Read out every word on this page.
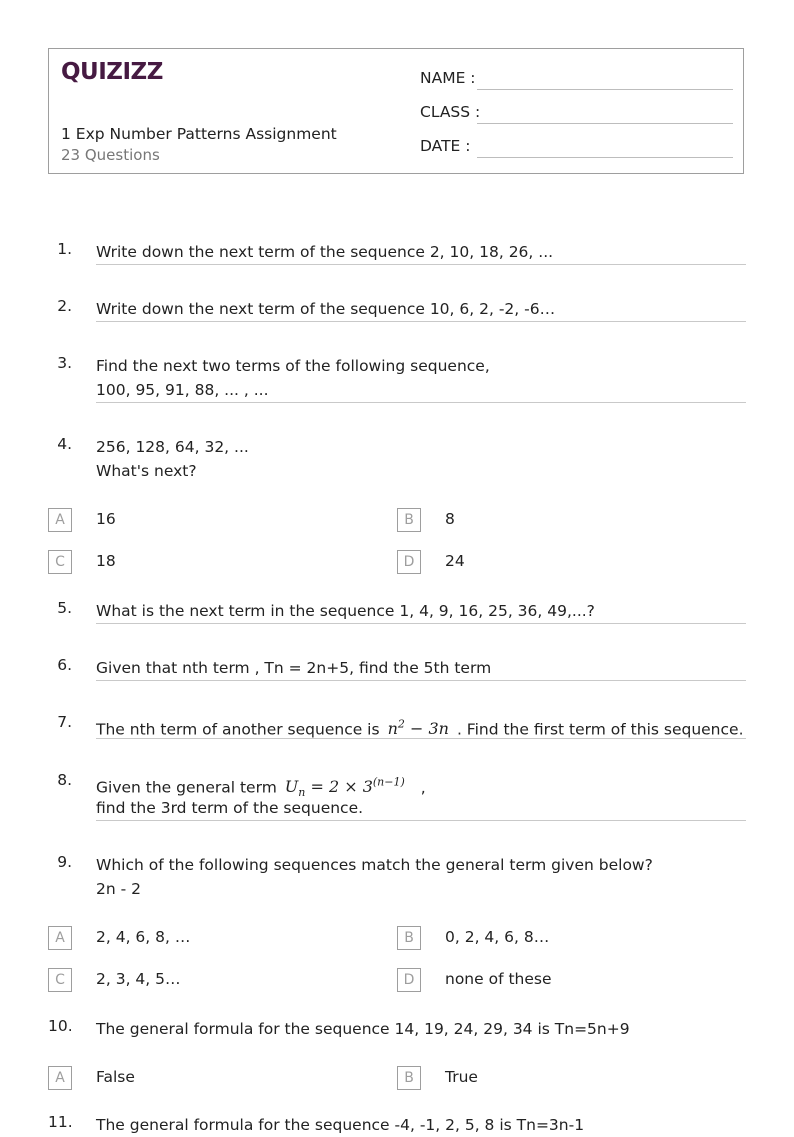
QUIZIZZ
1 Exp Number Patterns Assignment
23 Questions
NAME :
CLASS :
DATE :
1. Write down the next term of the sequence 2, 10, 18, 26, ...
2. Write down the next term of the sequence 10, 6, 2, -2, -6…
3. Find the next two terms of the following sequence,
100, 95, 91, 88, ... , ...
4. 256, 128, 64, 32, ...
What's next?
A	16	B	8
C	18	D	24
5. What is the next term in the sequence 1, 4, 9, 16, 25, 36, 49,...?
6. Given that nth term , Tn = 2n+5, find the 5th term
7. The nth term of another sequence is $n^2 - 3n$ . Find the first term of this sequence.
8. Given the general term $U_n = 2 \times 3^{(n-1)}$ ,
find the 3rd term of the sequence.
9. Which of the following sequences match the general term given below?
2n - 2
A	2, 4, 6, 8, …	B	0, 2, 4, 6, 8…
C	2, 3, 4, 5…	D	none of these
10. The general formula for the sequence 14, 19, 24, 29, 34 is Tn=5n+9
A	False	B	True
11. The general formula for the sequence -4, -1, 2, 5, 8 is Tn=3n-1
